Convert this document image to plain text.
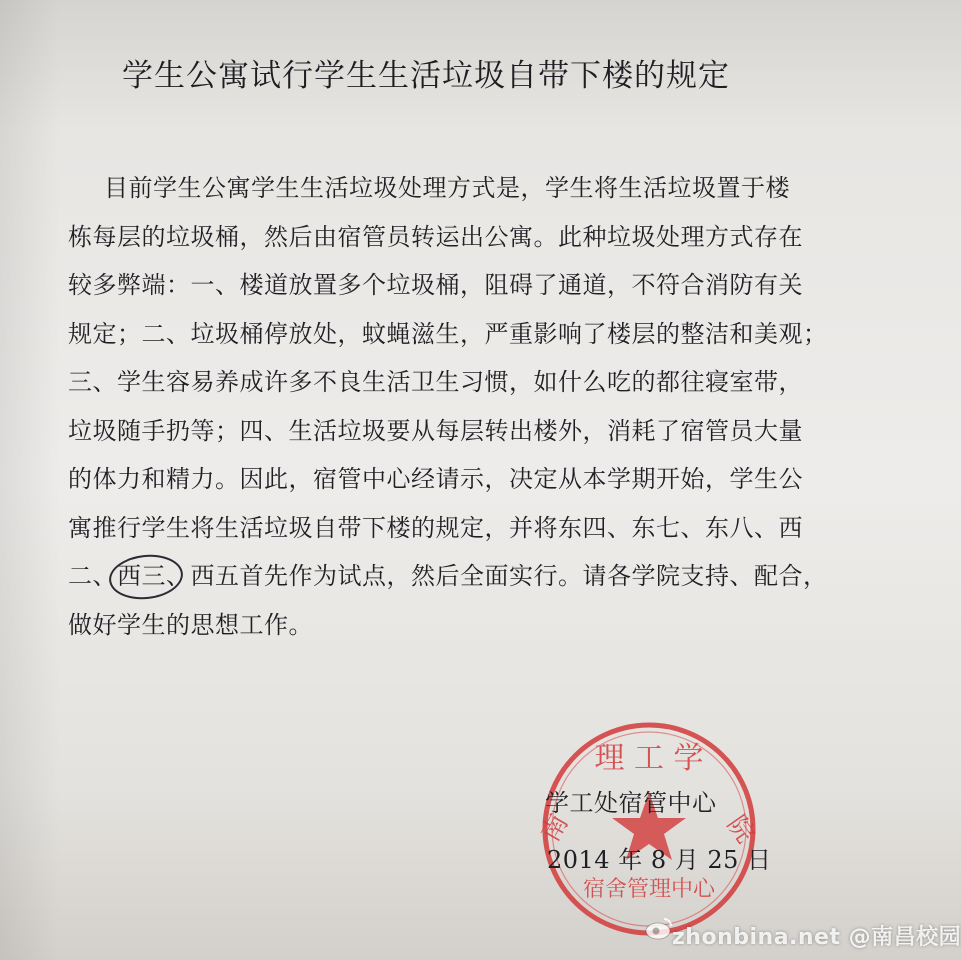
学生公寓试行学生生活垃圾自带下楼的规定
目前学生公寓学生生活垃圾处理方式是，学生将生活垃圾置于楼
栋每层的垃圾桶，然后由宿管员转运出公寓。此种垃圾处理方式存在
较多弊端：一、楼道放置多个垃圾桶，阻碍了通道，不符合消防有关
规定；二、垃圾桶停放处，蚊蝇滋生，严重影响了楼层的整洁和美观；
三、学生容易养成许多不良生活卫生习惯，如什么吃的都往寝室带，
垃圾随手扔等；四、生活垃圾要从每层转出楼外，消耗了宿管员大量
的体力和精力。因此，宿管中心经请示，决定从本学期开始，学生公
寓推行学生将生活垃圾自带下楼的规定，并将东四、东七、东八、西
二、西三、西五首先作为试点，然后全面实行。请各学院支持、配合，
做好学生的思想工作。
理 工 学
南	院
宿舍管理中心
学工处宿管中心
2014 年 8 月 25 日
zhonbina.net @南昌校园
